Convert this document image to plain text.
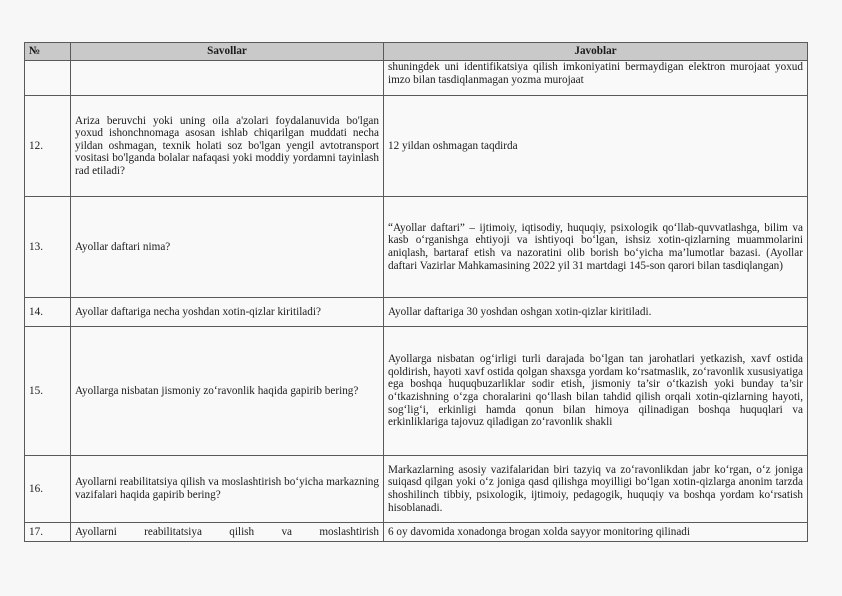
№	Savollar	Javoblar
		shuningdek uni identifikatsiya qilish imkoniyatini bermaydigan elektron murojaat yoxud imzo bilan tasdiqlanmagan yozma murojaat
12.	Ariza beruvchi yoki uning oila a'zolari foydalanuvida bo'lgan yoxud ishonchnomaga asosan ishlab chiqarilgan muddati necha yildan oshmagan, texnik holati soz bo'lgan yengil avtotransport vositasi bo'lganda bolalar nafaqasi yoki moddiy yordamni tayinlash rad etiladi?	12 yildan oshmagan taqdirda
13.	Ayollar daftari nima?	“Ayollar daftari” – ijtimoiy, iqtisodiy, huquqiy, psixologik qo‘llab-quvvatlashga, bilim va kasb o‘rganishga ehtiyoji va ishtiyoqi bo‘lgan, ishsiz xotin-qizlarning muammolarini aniqlash, bartaraf etish va nazoratini olib borish bo‘yicha ma’lumotlar bazasi. (Ayollar daftari Vazirlar Mahkamasining 2022 yil 31 martdagi 145-son qarori bilan tasdiqlangan)
14.	Ayollar daftariga necha yoshdan xotin-qizlar kiritiladi?	Ayollar daftariga 30 yoshdan oshgan xotin-qizlar kiritiladi.
15.	Ayollarga nisbatan jismoniy zo‘ravonlik haqida gapirib bering?	Ayollarga nisbatan og‘irligi turli darajada bo‘lgan tan jarohatlari yetkazish, xavf ostida qoldirish, hayoti xavf ostida qolgan shaxsga yordam ko‘rsatmaslik, zo‘ravonlik xususiyatiga ega boshqa huquqbuzarliklar sodir etish, jismoniy ta’sir o‘tkazish yoki bunday ta’sir o‘tkazishning o‘zga choralarini qo‘llash bilan tahdid qilish orqali xotin-qizlarning hayoti, sog‘lig‘i, erkinligi hamda qonun bilan himoya qilinadigan boshqa huquqlari va erkinliklariga tajovuz qiladigan zo‘ravonlik shakli
16.	Ayollarni reabilitatsiya qilish va moslashtirish bo‘yicha markazning vazifalari haqida gapirib bering?	Markazlarning asosiy vazifalaridan biri tazyiq va zo‘ravonlikdan jabr ko‘rgan, o‘z joniga suiqasd qilgan yoki o‘z joniga qasd qilishga moyilligi bo‘lgan xotin-qizlarga anonim tarzda shoshilinch tibbiy, psixologik, ijtimoiy, pedagogik, huquqiy va boshqa yordam ko‘rsatish hisoblanadi.
17.	Ayollarni reabilitatsiya qilish va moslashtirish	6 oy davomida xonadonga brogan xolda sayyor monitoring qilinadi
